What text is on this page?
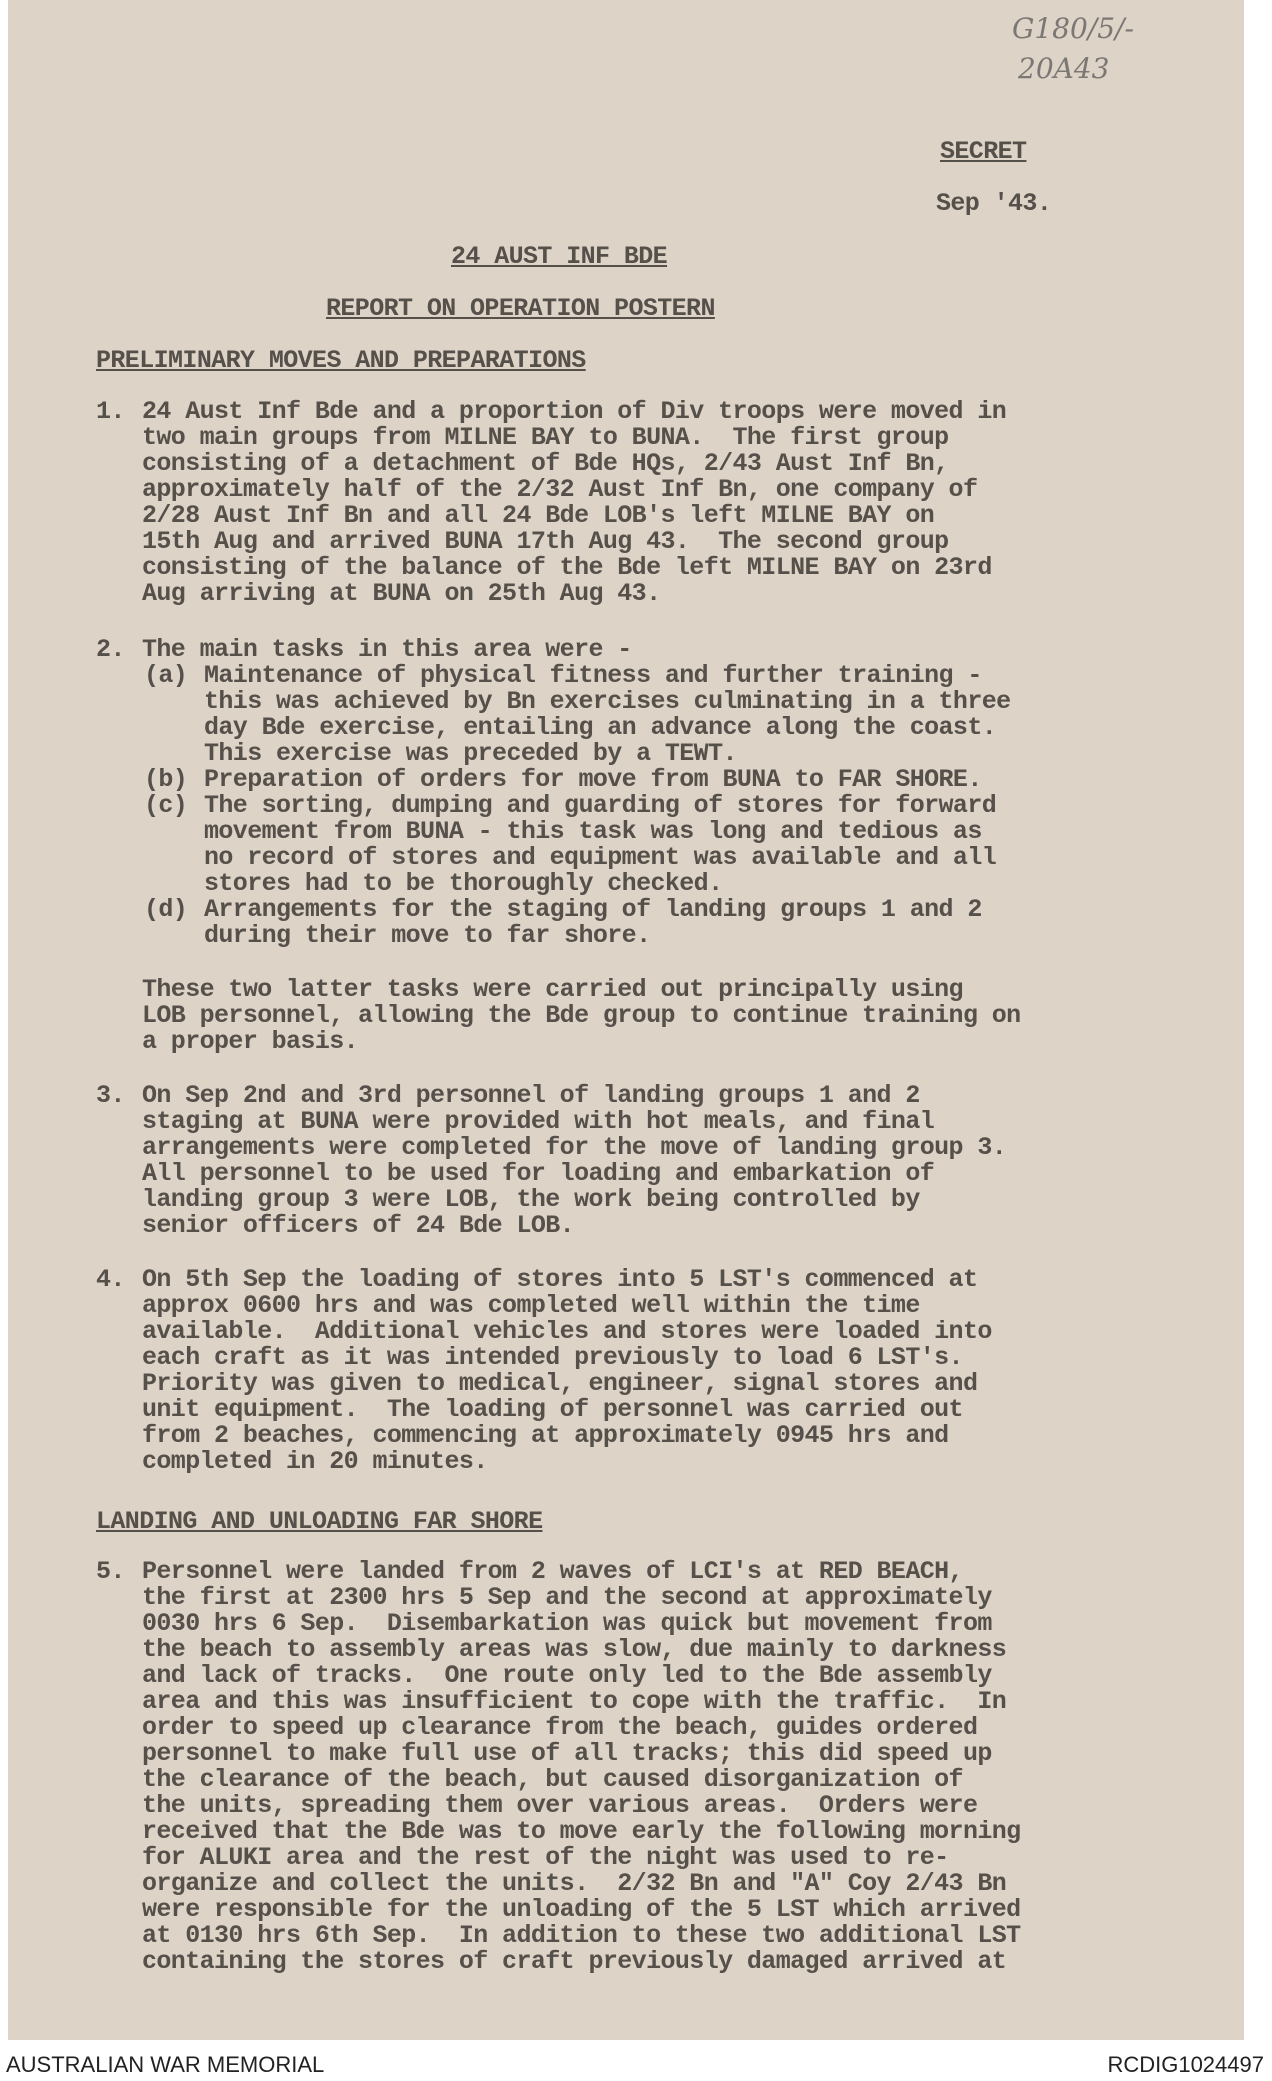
G180/5/-
20A43
SECRET
Sep '43.
24 AUST INF BDE
REPORT ON OPERATION POSTERN
PRELIMINARY MOVES AND PREPARATIONS
1. 24 Aust Inf Bde and a proportion of Div troops were moved in
two main groups from MILNE BAY to BUNA.  The first group
consisting of a detachment of Bde HQs, 2/43 Aust Inf Bn,
approximately half of the 2/32 Aust Inf Bn, one company of
2/28 Aust Inf Bn and all 24 Bde LOB's left MILNE BAY on
15th Aug and arrived BUNA 17th Aug 43.  The second group
consisting of the balance of the Bde left MILNE BAY on 23rd
Aug arriving at BUNA on 25th Aug 43.
2. The main tasks in this area were -
(a) Maintenance of physical fitness and further training -
this was achieved by Bn exercises culminating in a three
day Bde exercise, entailing an advance along the coast.
This exercise was preceded by a TEWT.
(b) Preparation of orders for move from BUNA to FAR SHORE.
(c) The sorting, dumping and guarding of stores for forward
movement from BUNA - this task was long and tedious as
no record of stores and equipment was available and all
stores had to be thoroughly checked.
(d) Arrangements for the staging of landing groups 1 and 2
during their move to far shore.
These two latter tasks were carried out principally using
LOB personnel, allowing the Bde group to continue training on
a proper basis.
3. On Sep 2nd and 3rd personnel of landing groups 1 and 2
staging at BUNA were provided with hot meals, and final
arrangements were completed for the move of landing group 3.
All personnel to be used for loading and embarkation of
landing group 3 were LOB, the work being controlled by
senior officers of 24 Bde LOB.
4. On 5th Sep the loading of stores into 5 LST's commenced at
approx 0600 hrs and was completed well within the time
available.  Additional vehicles and stores were loaded into
each craft as it was intended previously to load 6 LST's.
Priority was given to medical, engineer, signal stores and
unit equipment.  The loading of personnel was carried out
from 2 beaches, commencing at approximately 0945 hrs and
completed in 20 minutes.
LANDING AND UNLOADING FAR SHORE
5. Personnel were landed from 2 waves of LCI's at RED BEACH,
the first at 2300 hrs 5 Sep and the second at approximately
0030 hrs 6 Sep.  Disembarkation was quick but movement from
the beach to assembly areas was slow, due mainly to darkness
and lack of tracks.  One route only led to the Bde assembly
area and this was insufficient to cope with the traffic.  In
order to speed up clearance from the beach, guides ordered
personnel to make full use of all tracks; this did speed up
the clearance of the beach, but caused disorganization of
the units, spreading them over various areas.  Orders were
received that the Bde was to move early the following morning
for ALUKI area and the rest of the night was used to re-
organize and collect the units.  2/32 Bn and "A" Coy 2/43 Bn
were responsible for the unloading of the 5 LST which arrived
at 0130 hrs 6th Sep.  In addition to these two additional LST
containing the stores of craft previously damaged arrived at
AUSTRALIAN WAR MEMORIAL	RCDIG1024497
